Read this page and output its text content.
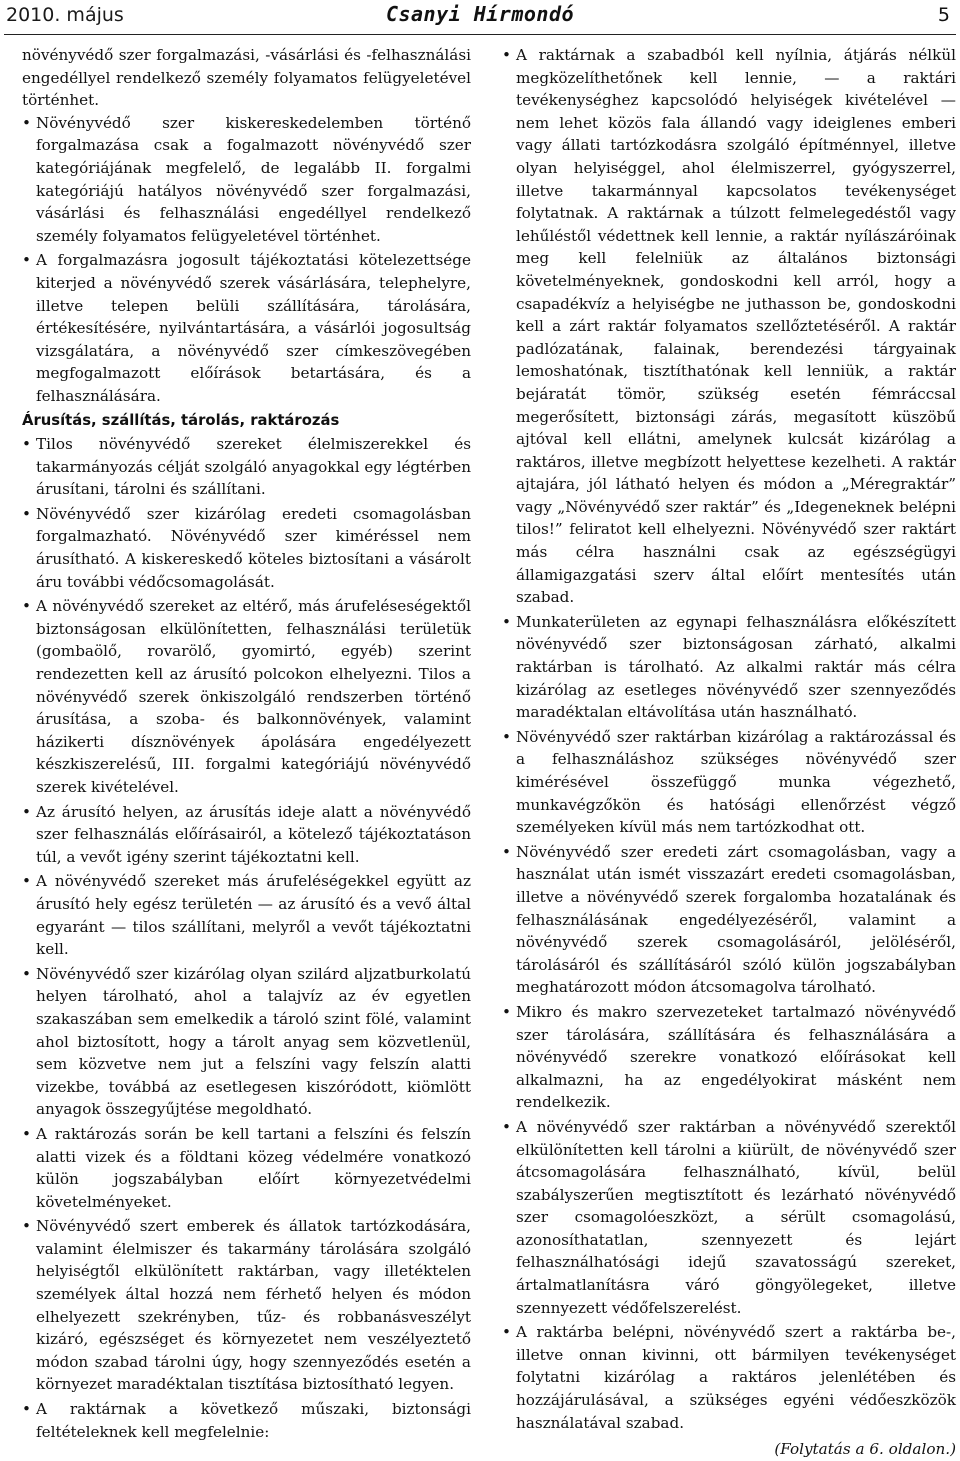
2010. május	Csanyi Hírmondó	5

növényvédő szer forgalmazási, -vásárlási és -felhasználási engedéllyel rendelkező személy folyamatos felügyeletével történhet.

• Növényvédő szer kiskereskedelemben történő forgalmazása csak a fogalmazott növényvédő szer kategóriájának megfelelő, de legalább II. forgalmi kategóriájú hatályos növényvédő szer forgalmazási, vásárlási és felhasználási engedéllyel rendelkező személy folyamatos felügyeletével történhet.
• A forgalmazásra jogosult tájékoztatási kötelezettsége kiterjed a növényvédő szerek vásárlására, telephelyre, illetve telepen belüli szállítására, tárolására, értékesítésére, nyilvántartására, a vásárlói jogosultság vizsgálatára, a növényvédő szer címkeszövegében megfogalmazott előírások betartására, és a felhasználására.
Árusítás, szállítás, tárolás, raktározás
• Tilos növényvédő szereket élelmiszerekkel és takarmányozás célját szolgáló anyagokkal egy légtérben árusítani, tárolni és szállítani.
• Növényvédő szer kizárólag eredeti csomagolásban forgalmazható. Növényvédő szer kiméréssel nem árusítható. A kiskereskedő köteles biztosítani a vásárolt áru további védőcsomagolását.
• A növényvédő szereket az eltérő, más árufeléseségektől biztonságosan elkülönítetten, felhasználási területük (gombaölő, rovarölő, gyomirtó, egyéb) szerint rendezetten kell az árusító polcokon elhelyezni. Tilos a növényvédő szerek önkiszolgáló rendszerben történő árusítása, a szoba- és balkonnövények, valamint házikerti dísznövények ápolására engedélyezett készkiszerelésű, III. forgalmi kategóriájú növényvédő szerek kivételével.
• Az árusító helyen, az árusítás ideje alatt a növényvédő szer felhasználás előírásairól, a kötelező tájékoztatáson túl, a vevőt igény szerint tájékoztatni kell.
• A növényvédő szereket más árufeléségekkel együtt az árusító hely egész területén — az árusító és a vevő által egyaránt — tilos szállítani, melyről a vevőt tájékoztatni kell.
• Növényvédő szer kizárólag olyan szilárd aljzatburkolatú helyen tárolható, ahol a talajvíz az év egyetlen szakaszában sem emelkedik a tároló szint fölé, valamint ahol biztosított, hogy a tárolt anyag sem közvetlenül, sem közvetve nem jut a felszíni vagy felszín alatti vizekbe, továbbá az esetlegesen kiszóródott, kiömlött anyagok összegyűjtése megoldható.
• A raktározás során be kell tartani a felszíni és felszín alatti vizek és a földtani közeg védelmére vonatkozó külön jogszabályban előírt környezetvédelmi követelményeket.
• Növényvédő szert emberek és állatok tartózkodására, valamint élelmiszer és takarmány tárolására szolgáló helyiségtől elkülönített raktárban, vagy illetéktelen személyek által hozzá nem férhető helyen és módon elhelyezett szekrényben, tűz- és robbanásveszélyt kizáró, egészséget és környezetet nem veszélyeztető módon szabad tárolni úgy, hogy szennyeződés esetén a környezet maradéktalan tisztítása biztosítható legyen.
• A raktárnak a következő műszaki, biztonsági feltételeknek kell megfelelnie:
• A raktárnak a szabadból kell nyílnia, átjárás nélkül megközelíthetőnek kell lennie, — a raktári tevékenységhez kapcsolódó helyiségek kivételével — nem lehet közös fala állandó vagy ideiglenes emberi vagy állati tartózkodásra szolgáló építménnyel, illetve olyan helyiséggel, ahol élelmiszerrel, gyógyszerrel, illetve takarmánnyal kapcsolatos tevékenységet folytatnak. A raktárnak a túlzott felmelegedéstől vagy lehűléstől védettnek kell lennie, a raktár nyílászáróinak meg kell felelniük az általános biztonsági követelményeknek, gondoskodni kell arról, hogy a csapadékvíz a helyiségbe ne juthasson be, gondoskodni kell a zárt raktár folyamatos szellőztetéséről. A raktár padlózatának, falainak, berendezési tárgyainak lemoshatónak, tisztíthatónak kell lenniük, a raktár bejáratát tömör, szükség esetén fémráccsal megerősített, biztonsági zárás, megasított küszöbű ajtóval kell ellátni, amelynek kulcsát kizárólag a raktáros, illetve megbízott helyettese kezelheti. A raktár ajtajára, jól látható helyen és módon a „Méregraktár” vagy „Növényvédő szer raktár” és „Idegeneknek belépni tilos!” feliratot kell elhelyezni. Növényvédő szer raktárt más célra használni csak az egészségügyi államigazgatási szerv által előírt mentesítés után szabad.
• Munkaterületen az egynapi felhasználásra előkészített növényvédő szer biztonságosan zárható, alkalmi raktárban is tárolható. Az alkalmi raktár más célra kizárólag az esetleges növényvédő szer szennyeződés maradéktalan eltávolítása után használható.
• Növényvédő szer raktárban kizárólag a raktározással és a felhasználáshoz szükséges növényvédő szer kimérésével összefüggő munka végezhető, munkavégzőkön és hatósági ellenőrzést végző személyeken kívül más nem tartózkodhat ott.
• Növényvédő szer eredeti zárt csomagolásban, vagy a használat után ismét visszazárt eredeti csomagolásban, illetve a növényvédő szerek forgalomba hozatalának és felhasználásának engedélyezéséről, valamint a növényvédő szerek csomagolásáról, jelöléséről, tárolásáról és szállításáról szóló külön jogszabályban meghatározott módon átcsomagolva tárolható.
• Mikro és makro szervezeteket tartalmazó növényvédő szer tárolására, szállítására és felhasználására a növényvédő szerekre vonatkozó előírásokat kell alkalmazni, ha az engedélyokirat másként nem rendelkezik.
• A növényvédő szer raktárban a növényvédő szerektől elkülönítetten kell tárolni a kiürült, de növényvédő szer átcsomagolására felhasználható, kívül, belül szabályszerűen megtisztított és lezárható növényvédő szer csomagolóeszközt, a sérült csomagolású, azonosíthatatlan, szennyezett és lejárt felhasználhatósági idejű szavatosságú szereket, ártalmatlanításra váró göngyölegeket, illetve szennyezett védőfelszerelést.
• A raktárba belépni, növényvédő szert a raktárba be-, illetve onnan kivinni, ott bármilyen tevékenységet folytatni kizárólag a raktáros jelenlétében és hozzájárulásával, a szükséges egyéni védőeszközök használatával szabad.
(Folytatás a 6. oldalon.)
